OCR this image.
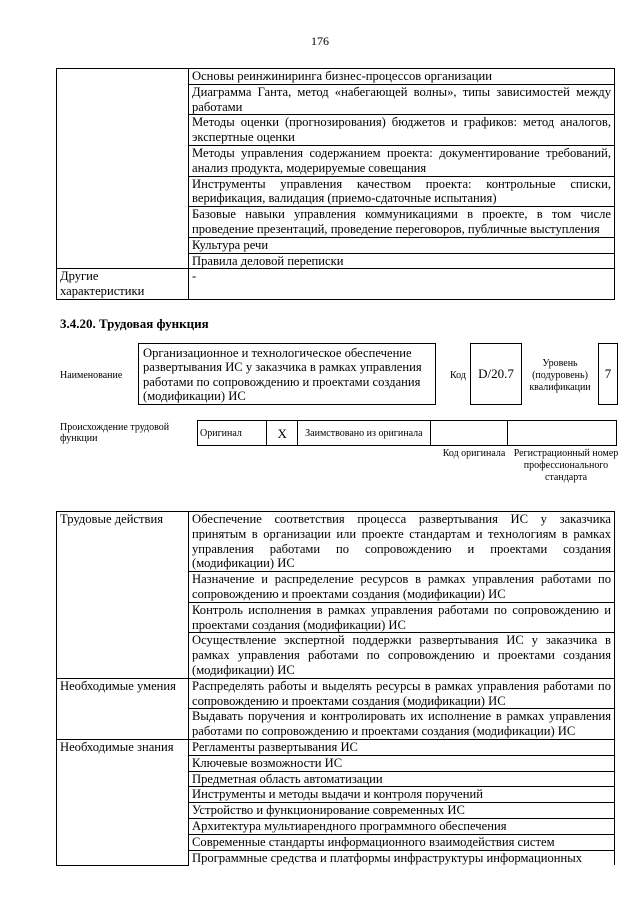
176
	Основы реинжиниринга бизнес-процессов организации
	Диаграмма Ганта, метод «набегающей волны», типы зависимостей между работами
	Методы оценки (прогнозирования) бюджетов и графиков: метод аналогов, экспертные оценки
	Методы управления содержанием проекта: документирование требований, анализ продукта, модерируемые совещания
	Инструменты управления качеством проекта: контрольные списки, верификация, валидация (приемо-сдаточные испытания)
	Базовые навыки управления коммуникациями в проекте, в том числе проведение презентаций, проведение переговоров, публичные выступления
	Культура речи
	Правила деловой переписки
Другие характеристики	-
3.4.20. Трудовая функция
Наименование
Организационное и технологическое обеспечение развертывания ИС у заказчика в рамках управления работами по сопровождению и проектами создания (модификации) ИС
Код D/20.7
Уровень (подуровень) квалификации
7
Происхождение трудовой функции	Оригинал	X	Заимствовано из оригинала		
Код оригинала Регистрационный номер профессионального стандарта
Трудовые действия	Обеспечение соответствия процесса развертывания ИС у заказчика принятым в организации или проекте стандартам и технологиям в рамках управления работами по сопровождению и проектами создания (модификации) ИС
	Назначение и распределение ресурсов в рамках управления работами по сопровождению и проектами создания (модификации) ИС
	Контроль исполнения в рамках управления работами по сопровождению и проектами создания (модификации) ИС
	Осуществление экспертной поддержки развертывания ИС у заказчика в рамках управления работами по сопровождению и проектами создания (модификации) ИС
Необходимые умения	Распределять работы и выделять ресурсы в рамках управления работами по сопровождению и проектами создания (модификации) ИС
	Выдавать поручения и контролировать их исполнение в рамках управления работами по сопровождению и проектами создания (модификации) ИС
Необходимые знания	Регламенты развертывания ИС
	Ключевые возможности ИС
	Предметная область автоматизации
	Инструменты и методы выдачи и контроля поручений
	Устройство и функционирование современных ИС
	Архитектура мультиарендного программного обеспечения
	Современные стандарты информационного взаимодействия систем
	Программные средства и платформы инфраструктуры информационных
